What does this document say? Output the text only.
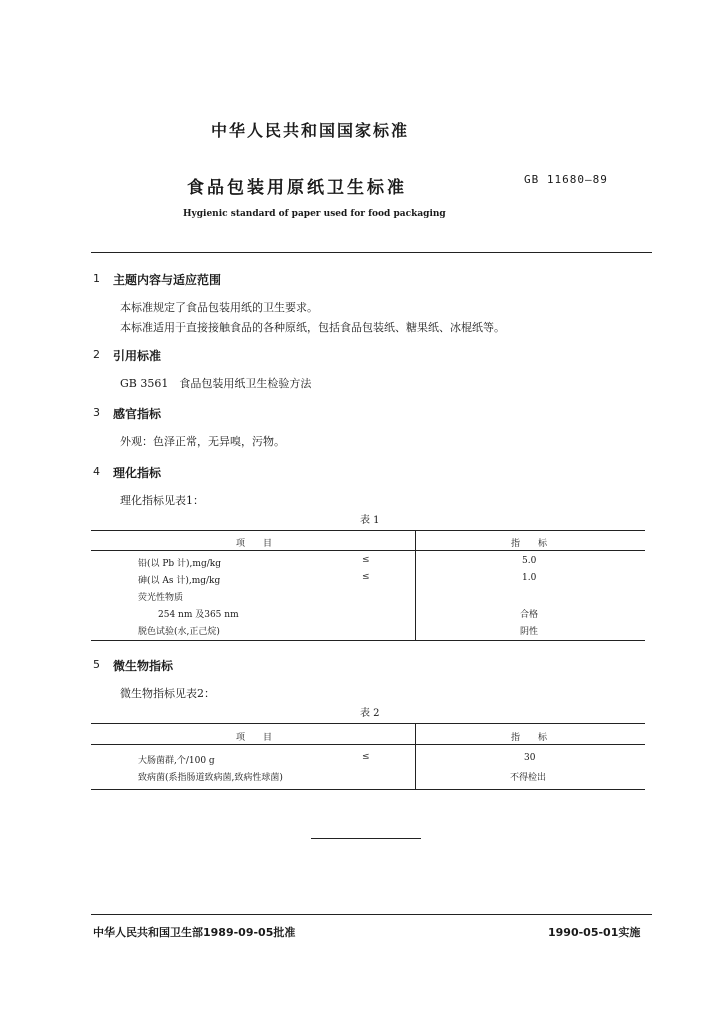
中华人民共和国国家标准
食品包装用原纸卫生标准	GB 11680—89
Hygienic standard of paper used for food packaging
1 主题内容与适应范围
本标准规定了食品包装用纸的卫生要求。
本标准适用于直接接触食品的各种原纸，包括食品包装纸、糖果纸、冰棍纸等。
2 引用标准
GB 3561　食品包装用纸卫生检验方法
3 感官指标
外观：色泽正常，无异嗅，污物。
4 理化指标
理化指标见表1：
表 1
项　　目	指　　标
铅(以 Pb 计),mg/kg	≤	5.0
砷(以 As 计),mg/kg	≤	1.0
荧光性物质
254 nm 及365 nm	合格
脱色试验(水,正己烷)	阴性
5 微生物指标
微生物指标见表2：
表 2
项　　目	指　　标
大肠菌群,个/100 g	≤	30
致病菌(系指肠道致病菌,致病性球菌)	不得检出
中华人民共和国卫生部1989-09-05批准	1990-05-01实施
